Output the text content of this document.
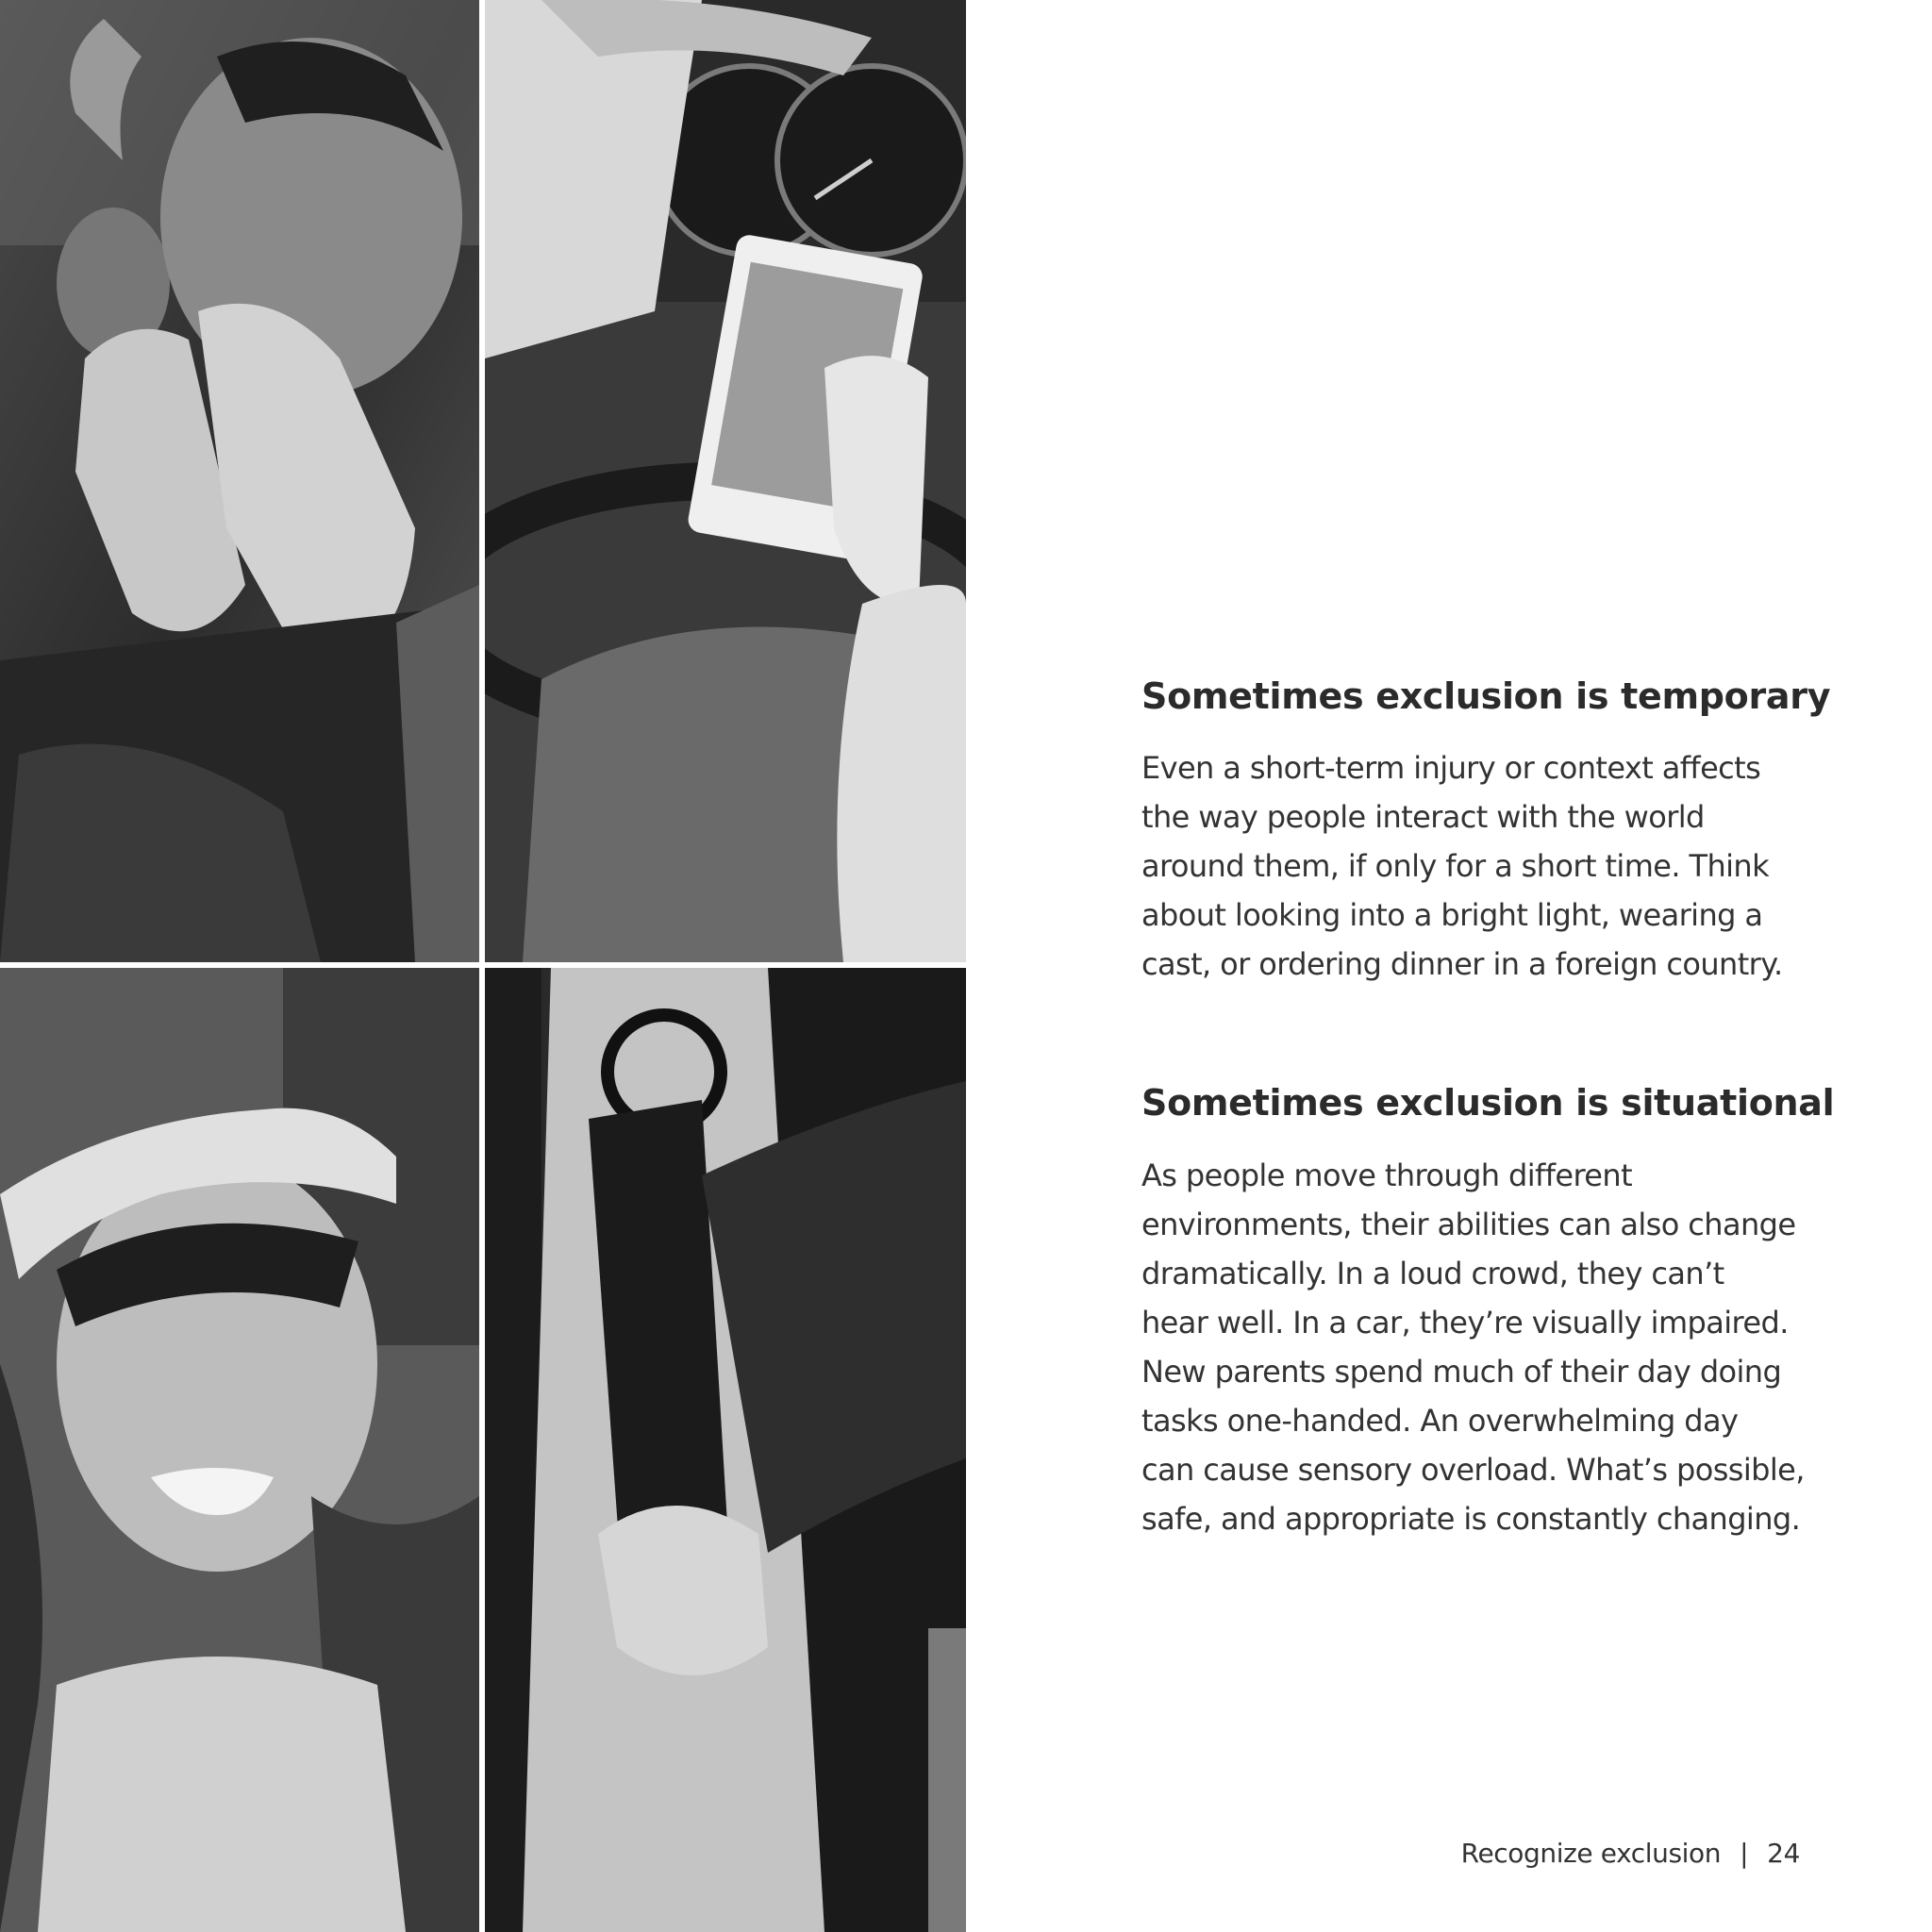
Sometimes exclusion is temporary

Even a short-term injury or context affects
the way people interact with the world
around them, if only for a short time. Think
about looking into a bright light, wearing a
cast, or ordering dinner in a foreign country.

Sometimes exclusion is situational

As people move through different
environments, their abilities can also change
dramatically. In a loud crowd, they can’t
hear well. In a car, they’re visually impaired.
New parents spend much of their day doing
tasks one-handed. An overwhelming day
can cause sensory overload. What’s possible,
safe, and appropriate is constantly changing.

Recognize exclusion | 24
